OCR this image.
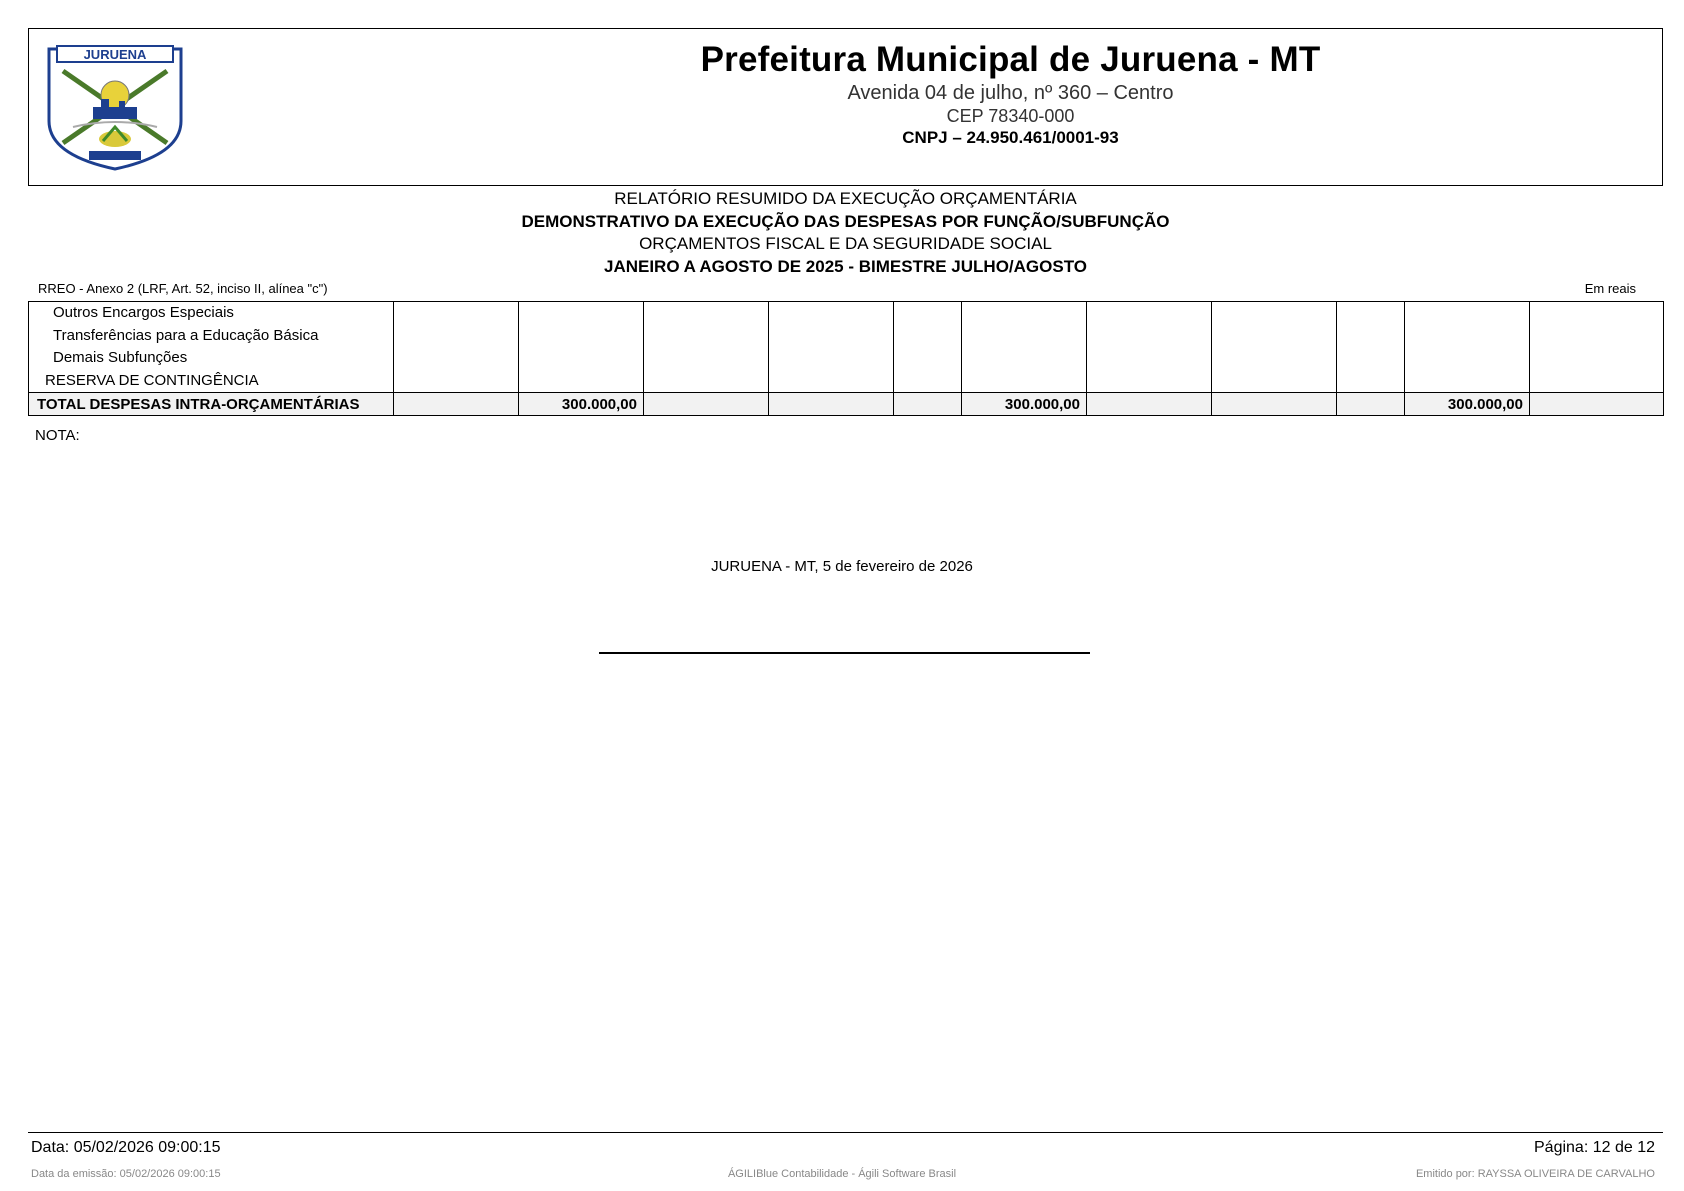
JURUENA	Prefeitura Municipal de Juruena - MT
Avenida 04 de julho, nº 360 – Centro
CEP 78340-000
CNPJ – 24.950.461/0001-93
RELATÓRIO RESUMIDO DA EXECUÇÃO ORÇAMENTÁRIA
DEMONSTRATIVO DA EXECUÇÃO DAS DESPESAS POR FUNÇÃO/SUBFUNÇÃO
ORÇAMENTOS FISCAL E DA SEGURIDADE SOCIAL
JANEIRO A AGOSTO DE 2025 - BIMESTRE JULHO/AGOSTO
RREO - Anexo 2 (LRF, Art. 52, inciso II, alínea "c")	Em reais
Outros Encargos Especiais
Transferências para a Educação Básica
Demais Subfunções
RESERVA DE CONTINGÊNCIA											

TOTAL DESPESAS INTRA-ORÇAMENTÁRIAS		300.000,00				300.000,00				300.000,00	
NOTA:
JURUENA - MT, 5 de fevereiro de 2026
Data: 05/02/2026 09:00:15	Página: 12 de 12
Data da emissão: 05/02/2026 09:00:15	ÁGILIBlue Contabilidade - Ágili Software Brasil	Emitido por: RAYSSA OLIVEIRA DE CARVALHO
